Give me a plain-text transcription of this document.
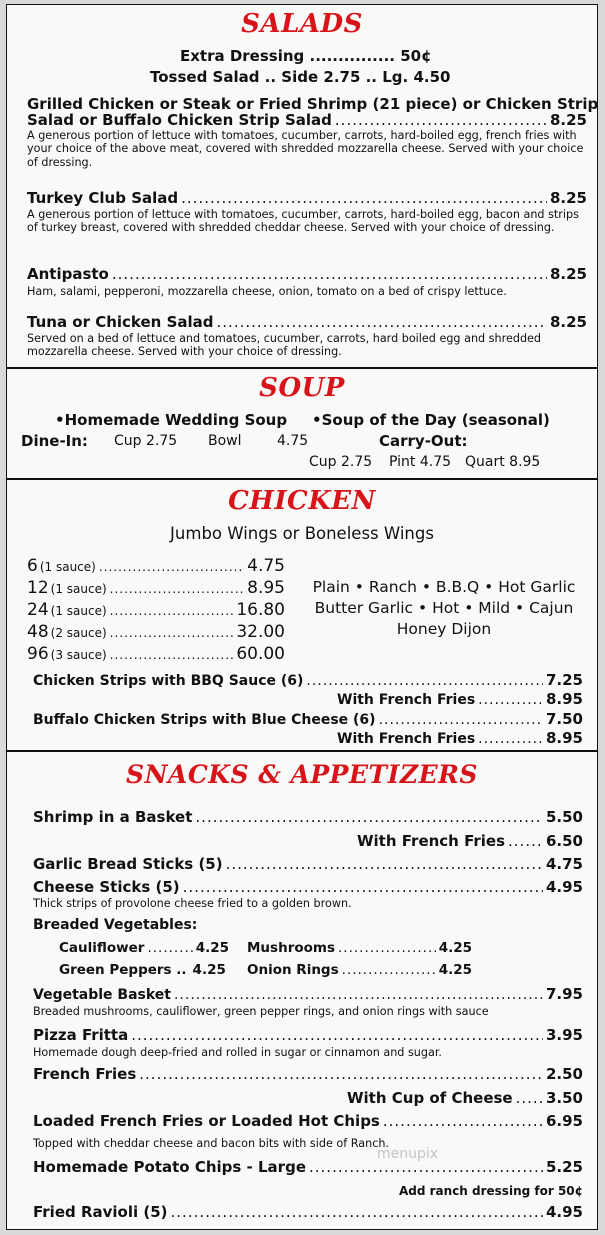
SALADS
Extra Dressing ............... 50¢
Tossed Salad .. Side 2.75 .. Lg. 4.50
Grilled Chicken or Steak or Fried Shrimp (21 piece) or Chicken Strip
Salad or Buffalo Chicken Strip Salad .....	8.25
A generous portion of lettuce with tomatoes, cucumber, carrots, hard-boiled egg, french fries with your choice of the above meat, covered with shredded mozzarella cheese. Served with your choice of dressing.
Turkey Club Salad .....	8.25
A generous portion of lettuce with tomatoes, cucumber, carrots, hard-boiled egg, bacon and strips of turkey breast, covered with shredded cheddar cheese. Served with your choice of dressing.
Antipasto .....	8.25
Ham, salami, pepperoni, mozzarella cheese, onion, tomato on a bed of crispy lettuce.
Tuna or Chicken Salad .....	8.25
Served on a bed of lettuce and tomatoes, cucumber, carrots, hard boiled egg and shredded mozzarella cheese. Served with your choice of dressing.
SOUP
•Homemade Wedding Soup •Soup of the Day (seasonal)
Dine-In: Cup 2.75 Bowl	4.75	Carry-Out:
Cup 2.75 Pint 4.75 Quart 8.95
CHICKEN
Jumbo Wings or Boneless Wings
6 (1 sauce) .....	4.75
12 (1 sauce) .....	8.95
24 (1 sauce) .....	16.80
48 (2 sauce) .....	32.00
96 (3 sauce) .....	60.00
Plain • Ranch • B.B.Q • Hot Garlic
Butter Garlic • Hot • Mild • Cajun
Honey Dijon
Chicken Strips with BBQ Sauce (6) .....	7.25
With French Fries .....	8.95
Buffalo Chicken Strips with Blue Cheese (6) .....	7.50
With French Fries .....	8.95
SNACKS & APPETIZERS
Shrimp in a Basket .....	5.50
With French Fries .....	6.50
Garlic Bread Sticks (5) .....	4.75
Cheese Sticks (5) .....	4.95
Thick strips of provolone cheese fried to a golden brown.
Breaded Vegetables:
Cauliflower .....	4.25 Mushrooms .....	4.25
Green Peppers .. 4.25 Onion Rings .....	4.25
Vegetable Basket .....	7.95
Breaded mushrooms, cauliflower, green pepper rings, and onion rings with sauce
Pizza Fritta .....	3.95
Homemade dough deep-fried and rolled in sugar or cinnamon and sugar.
French Fries .....	2.50
With Cup of Cheese ..... 3.50
Loaded French Fries or Loaded Hot Chips .....	6.95
Topped with cheddar cheese and bacon bits with side of Ranch.
Homemade Potato Chips - Large .....	5.25
Add ranch dressing for 50¢
Fried Ravioli (5) .....	4.95
menupix
